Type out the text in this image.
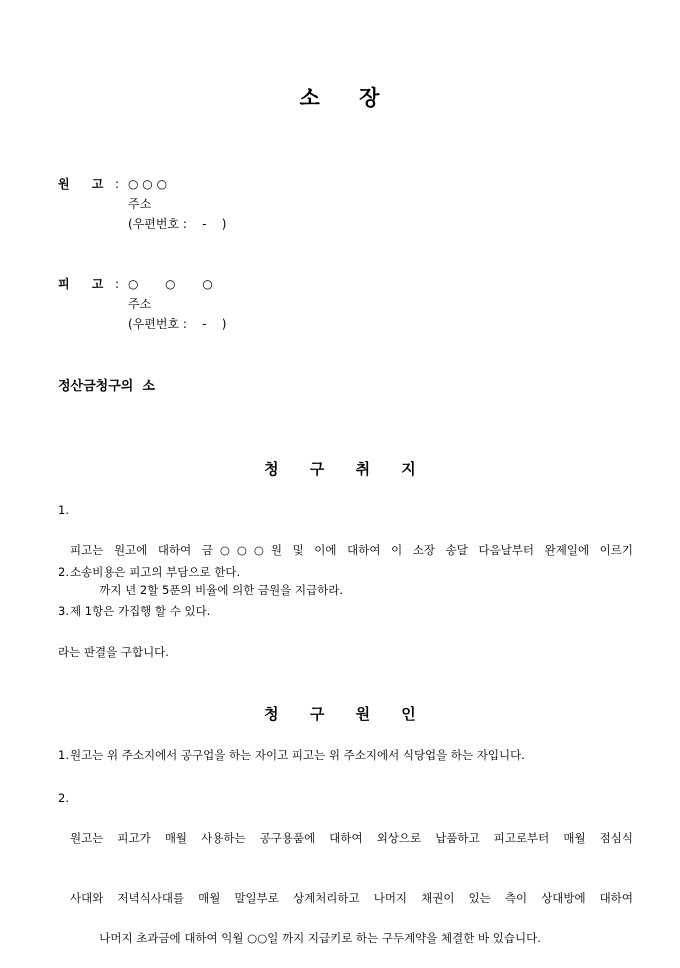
소 장
원 고 : ○ ○ ○
주소
(우편번호 :    -    )
피 고 : ○       ○       ○
주소
(우편번호 :    -    )
정산금청구의  소
청 구 취 지
1.

피고는 원고에 대하여 금○○○원 및 이에 대하여 이 소장 송달 다음날부터 완제일에 이르기

까지 년 2할 5푼의 비율에 의한 금원을 지급하라.

2. 소송비용은 피고의 부담으로 한다.
3. 제 1항은 가집행 할 수 있다.
라는 판결을 구합니다.
청 구 원 인
1. 원고는 위 주소지에서 공구업을 하는 자이고 피고는 위 주소지에서 식당업을 하는 자입니다.
2.

원고는 피고가 매월 사용하는 공구용품에 대하여 외상으로 납품하고 피고로부터 매월 점심식

사대와 저녁식사대를 매월 말일부로 상계처리하고 나머지 채권이 있는 측이 상대방에 대하여

나머지 초과금에 대하여 익월 ○○일 까지 지급키로 하는 구두계약을 체결한 바 있습니다.
